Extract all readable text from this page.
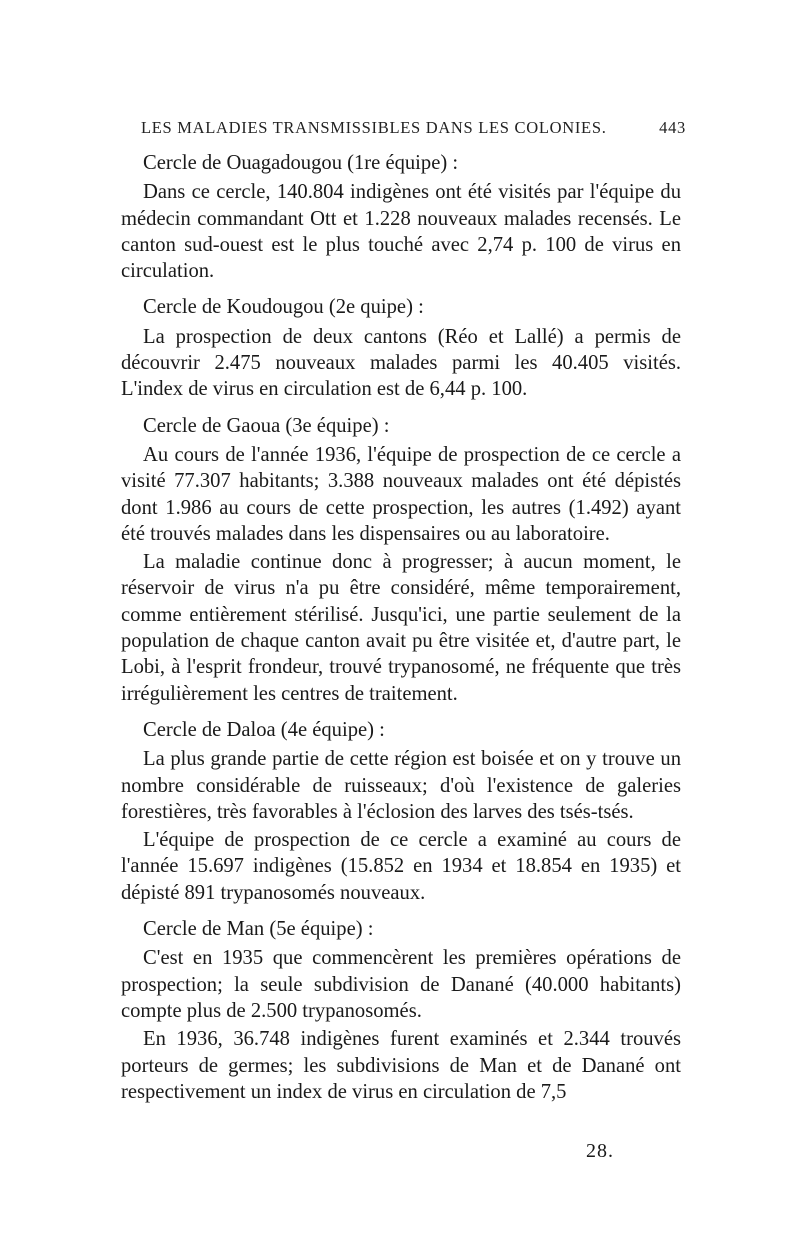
LES MALADIES TRANSMISSIBLES DANS LES COLONIES.	443
Cercle de Ouagadougou (1re équipe) :

Dans ce cercle, 140.804 indigènes ont été visités par l'équipe du médecin commandant Ott et 1.228 nouveaux malades recensés. Le canton sud-ouest est le plus touché avec 2,74 p. 100 de virus en circulation.

Cercle de Koudougou (2e quipe) :

La prospection de deux cantons (Réo et Lallé) a permis de découvrir 2.475 nouveaux malades parmi les 40.405 visités. L'index de virus en circulation est de 6,44 p. 100.

Cercle de Gaoua (3e équipe) :

Au cours de l'année 1936, l'équipe de prospection de ce cercle a visité 77.307 habitants; 3.388 nouveaux malades ont été dépistés dont 1.986 au cours de cette prospection, les autres (1.492) ayant été trouvés malades dans les dispensaires ou au laboratoire.

La maladie continue donc à progresser; à aucun moment, le réservoir de virus n'a pu être considéré, même temporairement, comme entièrement stérilisé. Jusqu'ici, une partie seulement de la population de chaque canton avait pu être visitée et, d'autre part, le Lobi, à l'esprit frondeur, trouvé trypanosomé, ne fréquente que très irrégulièrement les centres de traitement.

Cercle de Daloa (4e équipe) :

La plus grande partie de cette région est boisée et on y trouve un nombre considérable de ruisseaux; d'où l'existence de galeries forestières, très favorables à l'éclosion des larves des tsés-tsés.

L'équipe de prospection de ce cercle a examiné au cours de l'année 15.697 indigènes (15.852 en 1934 et 18.854 en 1935) et dépisté 891 trypanosomés nouveaux.

Cercle de Man (5e équipe) :

C'est en 1935 que commencèrent les premières opérations de prospection; la seule subdivision de Danané (40.000 habitants) compte plus de 2.500 trypanosomés.

En 1936, 36.748 indigènes furent examinés et 2.344 trouvés porteurs de germes; les subdivisions de Man et de Danané ont respectivement un index de virus en circulation de 7,5

28.
